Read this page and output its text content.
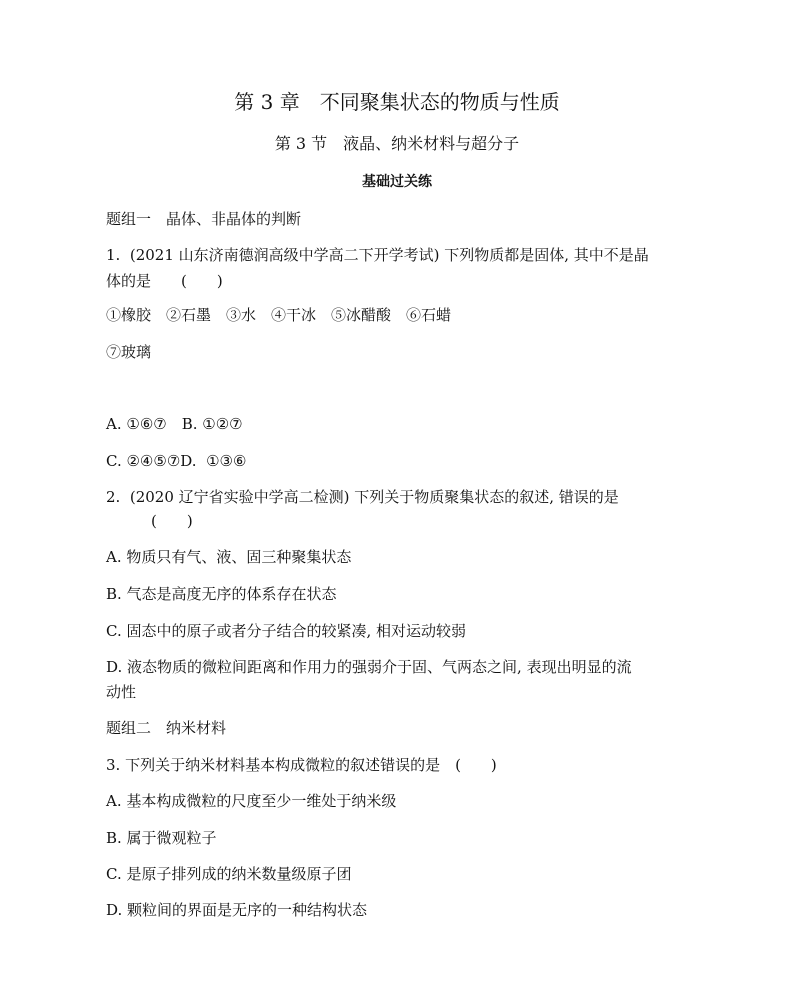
第 3 章　不同聚集状态的物质与性质
第 3 节　液晶、纳米材料与超分子
基础过关练
题组一　晶体、非晶体的判断
1.  (2021 山东济南德润高级中学高二下开学考试) 下列物质都是固体, 其中不是晶
体的是　　(　　)
①橡胶　②石墨　③水　④干冰　⑤冰醋酸　⑥石蜡
⑦玻璃
A. ①⑥⑦　B. ①②⑦
C. ②④⑤⑦D.  ①③⑥
2.  (2020 辽宁省实验中学高二检测) 下列关于物质聚集状态的叙述, 错误的是
　　　(　　)
A. 物质只有气、液、固三种聚集状态
B. 气态是高度无序的体系存在状态
C. 固态中的原子或者分子结合的较紧凑, 相对运动较弱
D. 液态物质的微粒间距离和作用力的强弱介于固、气两态之间, 表现出明显的流
动性
题组二　纳米材料
3. 下列关于纳米材料基本构成微粒的叙述错误的是　(　　)
A. 基本构成微粒的尺度至少一维处于纳米级
B. 属于微观粒子
C. 是原子排列成的纳米数量级原子团
D. 颗粒间的界面是无序的一种结构状态
